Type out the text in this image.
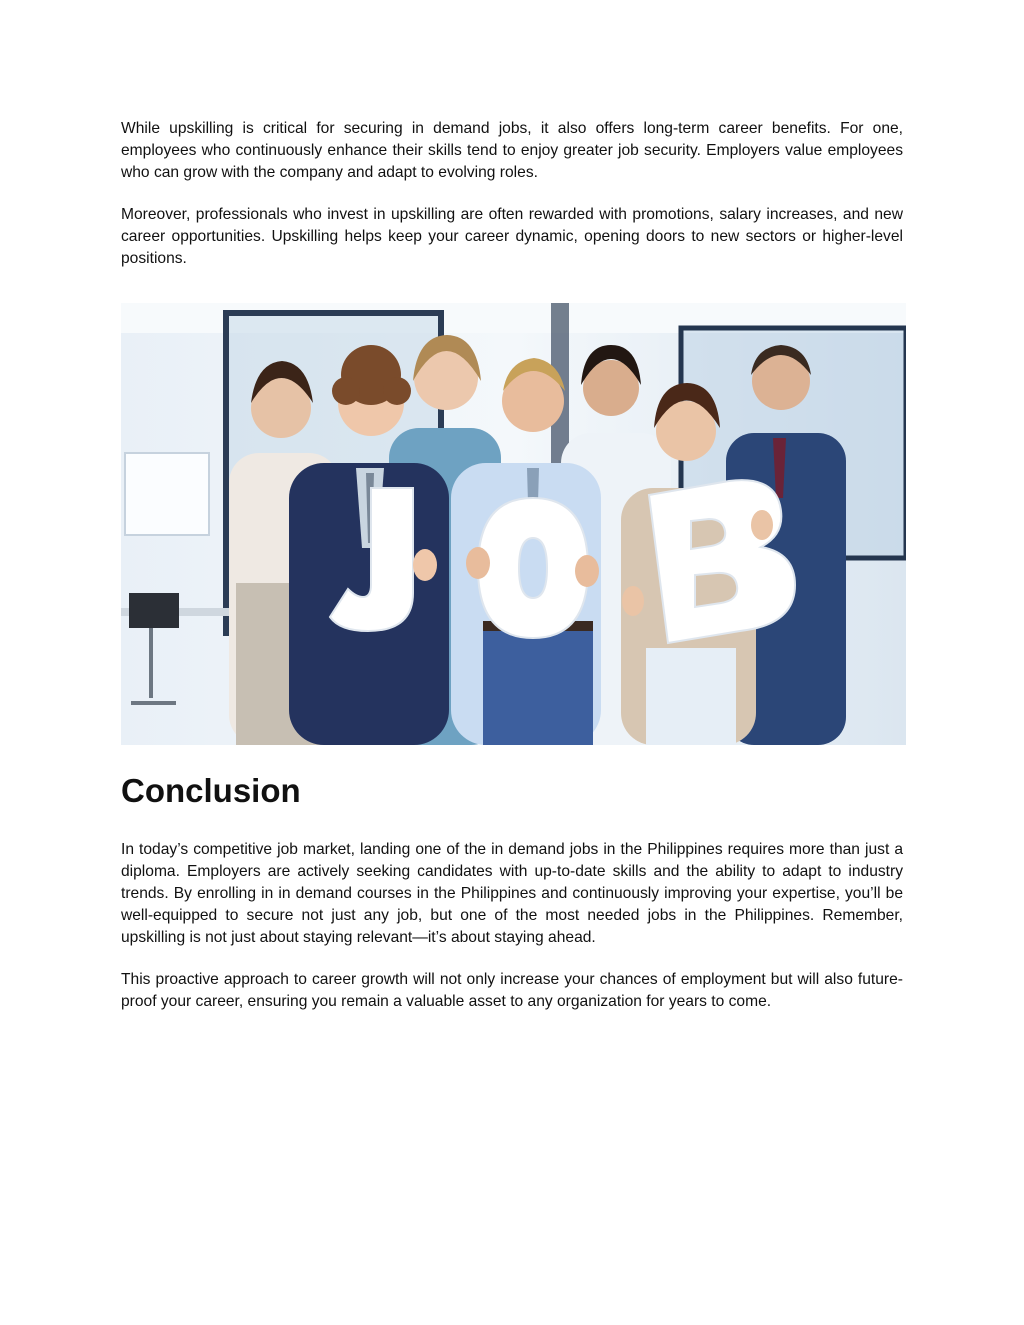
While upskilling is critical for securing in demand jobs, it also offers long-term career benefits. For one, employees who continuously enhance their skills tend to enjoy greater job security. Employers value employees who can grow with the company and adapt to evolving roles.

Moreover, professionals who invest in upskilling are often rewarded with promotions, salary increases, and new career opportunities. Upskilling helps keep your career dynamic, opening doors to new sectors or higher-level positions.

Conclusion

In today’s competitive job market, landing one of the in demand jobs in the Philippines requires more than just a diploma. Employers are actively seeking candidates with up-to-date skills and the ability to adapt to industry trends. By enrolling in in demand courses in the Philippines and continuously improving your expertise, you’ll be well-equipped to secure not just any job, but one of the most needed jobs in the Philippines. Remember, upskilling is not just about staying relevant—it’s about staying ahead.

This proactive approach to career growth will not only increase your chances of employment but will also future-proof your career, ensuring you remain a valuable asset to any organization for years to come.
